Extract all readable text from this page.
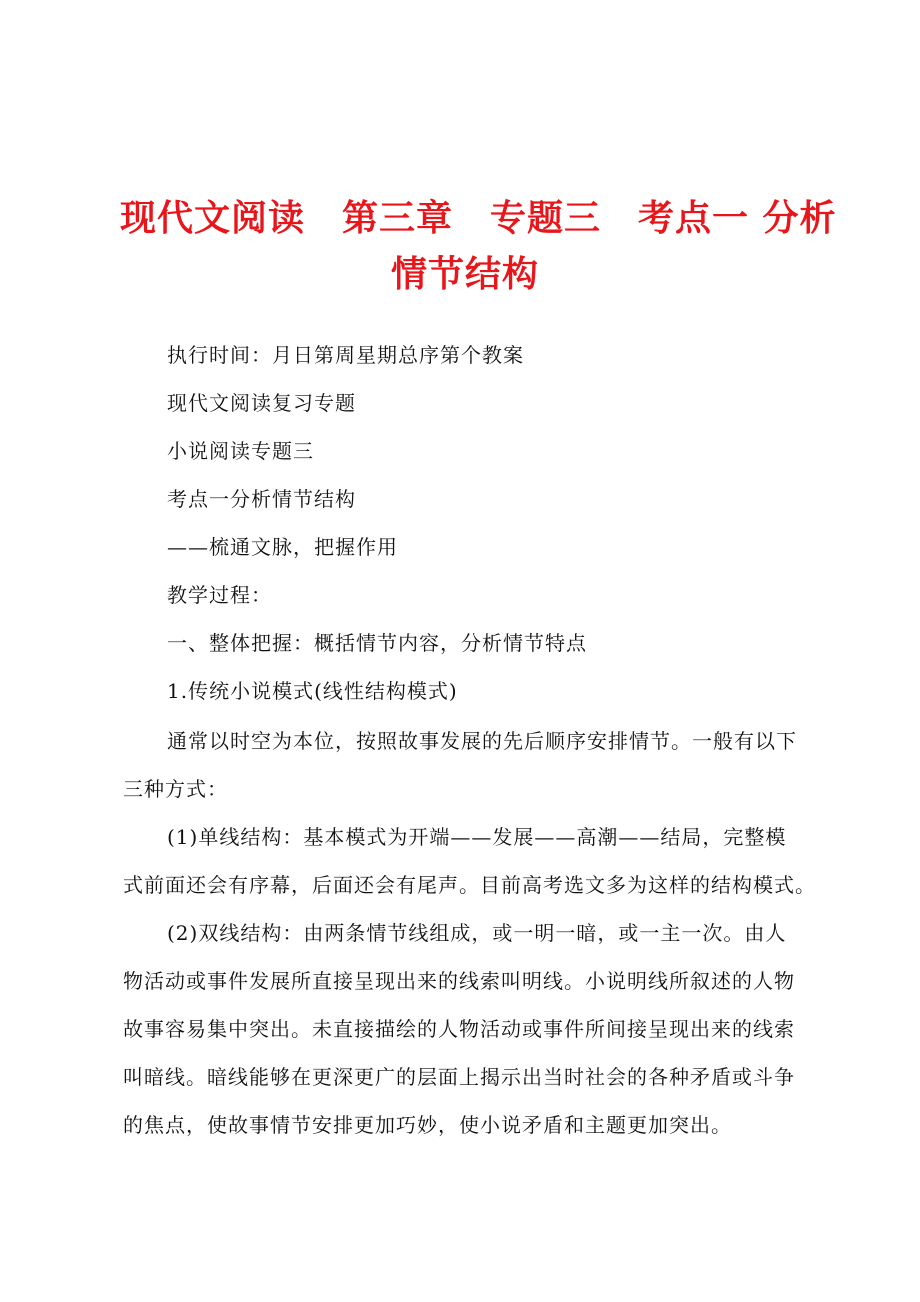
现代文阅读　第三章　专题三　考点一 分析
情节结构
执行时间：月日第周星期总序第个教案
现代文阅读复习专题
小说阅读专题三
考点一分析情节结构
——梳通文脉，把握作用
教学过程：
一、整体把握：概括情节内容，分析情节特点
1.传统小说模式(线性结构模式)
通常以时空为本位，按照故事发展的先后顺序安排情节。一般有以下
三种方式：
(1)单线结构：基本模式为开端——发展——高潮——结局，完整模
式前面还会有序幕，后面还会有尾声。目前高考选文多为这样的结构模式。
(2)双线结构：由两条情节线组成，或一明一暗，或一主一次。由人
物活动或事件发展所直接呈现出来的线索叫明线。小说明线所叙述的人物
故事容易集中突出。未直接描绘的人物活动或事件所间接呈现出来的线索
叫暗线。暗线能够在更深更广的层面上揭示出当时社会的各种矛盾或斗争
的焦点，使故事情节安排更加巧妙，使小说矛盾和主题更加突出。
